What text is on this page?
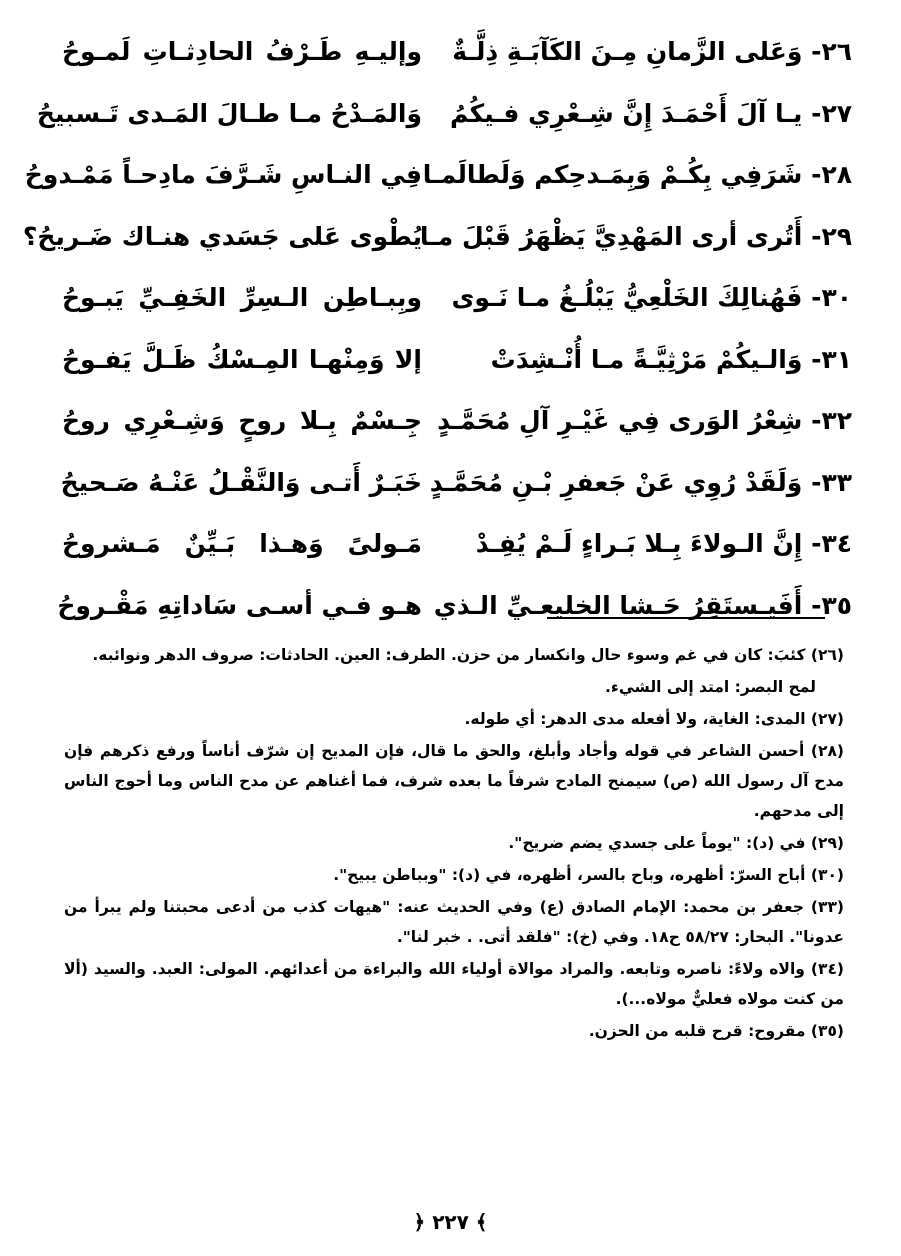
٢٦- وَعَلى الزَّمانِ مِـنَ الكَآبَـةِ ذِلَّـةٌ
وإليـهِ طَـرْفُ الحادِثـاتِ لَمـوحُ
٢٧- يـا آلَ أَحْمَـدَ إِنَّ شِـعْرِي فـيكُمُ
وَالمَـدْحُ مـا طـالَ المَـدى تَـسبيحُ
٢٨- شَرَفِي بِكُـمْ وَبِمَـدحِكم وَلَطالَمـا
فِي النـاسِ شَـرَّفَ مادِحـاً مَمْـدوحُ
٢٩- أَتُرى أرى المَهْدِيَّ يَظْهَرُ قَبْلَ مـا
يُطْوى عَلى جَسَدي هنـاك ضَـريحُ؟
٣٠- فَهُنالِكَ الخَلْعِيُّ يَبْلُـغُ مـا نَـوى
وبِبـاطِن الـسِرِّ الخَفِـيِّ يَبـوحُ
٣١- وَالـيكُمْ مَرْثِيَّـةً مـا أُنْـشِدَتْ
إلا وَمِنْهـا المِـسْكُ ظَـلَّ يَفـوحُ
٣٢- شِعْرُ الوَرى فِي غَيْـرِ آلِ مُحَمَّـدٍ
جِـسْمٌ بِـلا روحٍ وَشِـعْرِي روحُ
٣٣- وَلَقَدْ رُوِي عَنْ جَعفرِ بْـنِ مُحَمَّـدٍ
خَبَـرٌ أَتـى وَالنَّقْـلُ عَنْـهُ صَـحيحُ
٣٤- إِنَّ الـولاءَ بِـلا بَـراءٍ لَـمْ يُفِـدْ
مَـولىً وَهـذا بَـيِّنٌ مَـشروحُ
٣٥- أَفَيـستَقِرُ حَـشا الخليعـيِّ الـذي
هـو فـي أسـى سَاداتِهِ مَقْـروحُ

(٢٦) كئبَ: كان في غم وسوء حال وانكسار من حزن. الطرف: العين. الحادثات: صروف الدهر ونوائبه.

لمح البصر: امتد إلى الشيء.

(٢٧) المدى: الغاية، ولا أفعله مدى الدهر: أي طوله.

(٢٨) أحسن الشاعر في قوله وأجاد وأبلغ، والحق ما قال، فإن المديح إن شرّف أناساً ورفع ذكرهم فإن مدح آل رسول الله (ص) سيمنح المادح شرفاً ما بعده شرف، فما أغناهم عن مدح الناس وما أحوج الناس إلى مدحهم.

(٢٩) في (د): "يوماً على جسدي يضم ضريح".

(٣٠) أباح السرّ: أظهره، وباح بالسر، أظهره، في (د): "وبباطن يبيح".

(٣٣) جعفر بن محمد: الإمام الصادق (ع) وفي الحديث عنه: "هيهات كذب من أدعى محبتنا ولم يبرأ من عدونا". البحار: ٥٨/٢٧ ح١٨. وفي (خ): "فلقد أتى. . خبر لنا".

(٣٤) والاه ولاءً: ناصره وتابعه. والمراد موالاة أولياء الله والبراءة من أعدائهم. المولى: العبد. والسيد (ألا من كنت مولاه فعليٌّ مولاه...).

(٣٥) مقروح: قرح قلبه من الحزن.

﴾ ٢٢٧ ﴿
